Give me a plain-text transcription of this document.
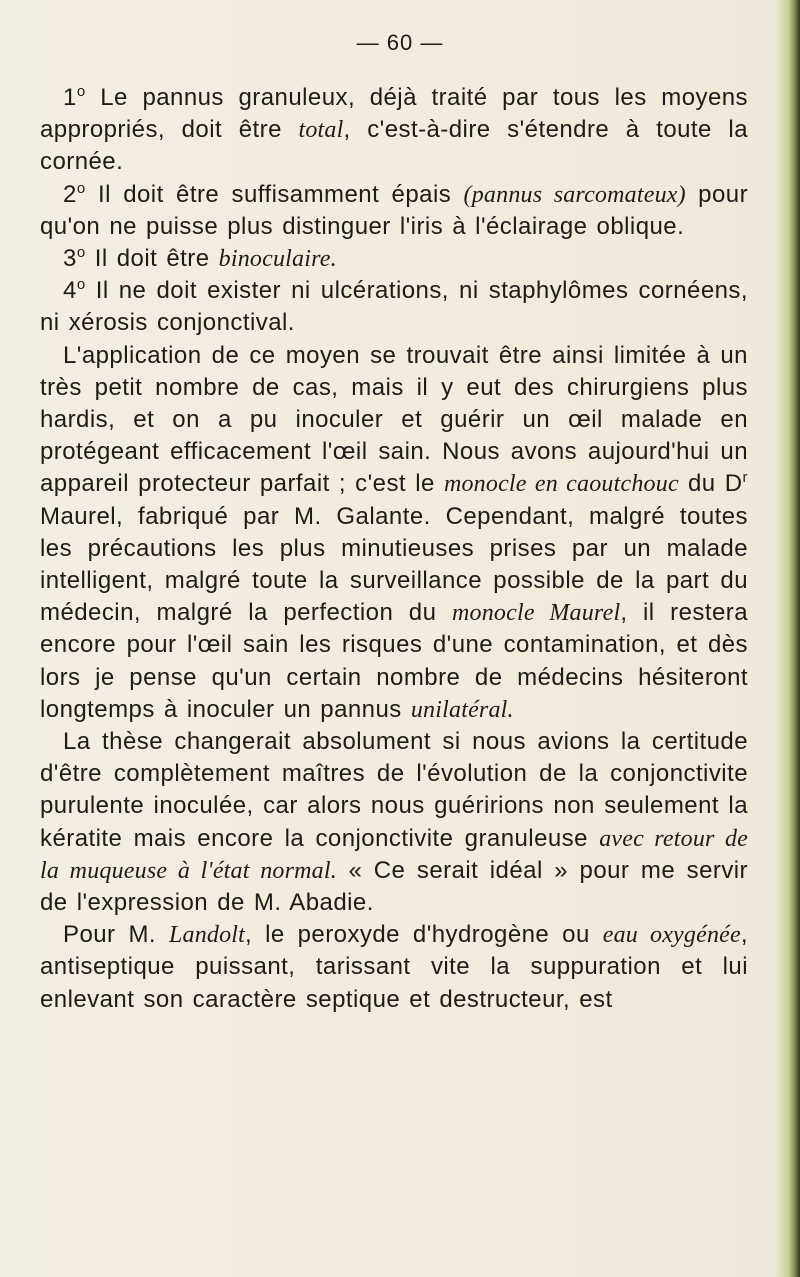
— 60 —

1$^o$ Le pannus granuleux, déjà traité par tous les moyens appropriés, doit être total, c'est-à-dire s'étendre à toute la cornée.

2$^o$ Il doit être suffisamment épais (pannus sarcomateux) pour qu'on ne puisse plus distinguer l'iris à l'éclairage oblique.

3$^o$ Il doit être binoculaire.

4$^o$ Il ne doit exister ni ulcérations, ni staphylômes cornéens, ni xérosis conjonctival.

L'application de ce moyen se trouvait être ainsi limitée à un très petit nombre de cas, mais il y eut des chirurgiens plus hardis, et on a pu inoculer et guérir un œil malade en protégeant efficacement l'œil sain. Nous avons aujourd'hui un appareil protecteur parfait ; c'est le monocle en caoutchouc du $D^r$ Maurel, fabriqué par M. Galante. Cependant, malgré toutes les précautions les plus minutieuses prises par un malade intelligent, malgré toute la surveillance possible de la part du médecin, malgré la perfection du monocle Maurel, il restera encore pour l'œil sain les risques d'une contamination, et dès lors je pense qu'un certain nombre de médecins hésiteront longtemps à inoculer un pannus unilatéral.

La thèse changerait absolument si nous avions la certitude d'être complètement maîtres de l'évolution de la conjonctivite purulente inoculée, car alors nous guéririons non seulement la kératite mais encore la conjonctivite granuleuse avec retour de la muqueuse à l'état normal. « Ce serait idéal » pour me servir de l'expression de M. Abadie.

Pour M. Landolt, le peroxyde d'hydrogène ou eau oxygénée, antiseptique puissant, tarissant vite la suppuration et lui enlevant son caractère septique et destructeur, est
